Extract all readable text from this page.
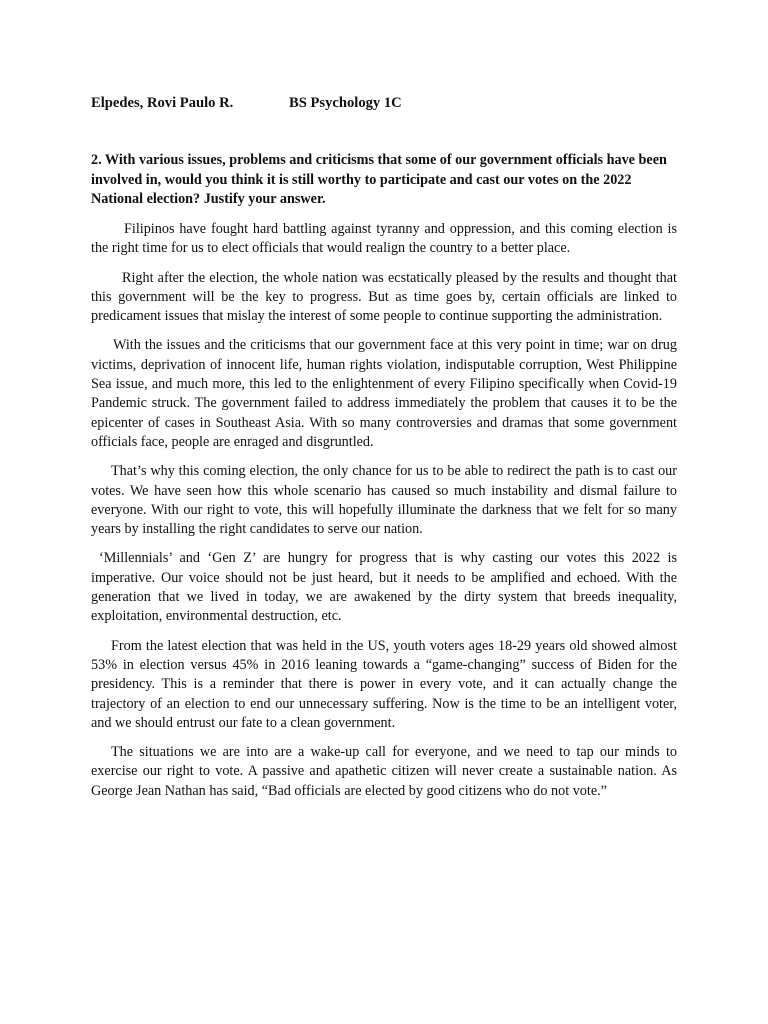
Elpedes, Rovi Paulo R.	BS Psychology 1C
2. With various issues, problems and criticisms that some of our government officials have been involved in, would you think it is still worthy to participate and cast our votes on the 2022 National election? Justify your answer.

Filipinos have fought hard battling against tyranny and oppression, and this coming election is the right time for us to elect officials that would realign the country to a better place.

Right after the election, the whole nation was ecstatically pleased by the results and thought that this government will be the key to progress. But as time goes by, certain officials are linked to predicament issues that mislay the interest of some people to continue supporting the administration.

With the issues and the criticisms that our government face at this very point in time; war on drug victims, deprivation of innocent life, human rights violation, indisputable corruption, West Philippine Sea issue, and much more, this led to the enlightenment of every Filipino specifically when Covid-19 Pandemic struck. The government failed to address immediately the problem that causes it to be the epicenter of cases in Southeast Asia. With so many controversies and dramas that some government officials face, people are enraged and disgruntled.

That’s why this coming election, the only chance for us to be able to redirect the path is to cast our votes. We have seen how this whole scenario has caused so much instability and dismal failure to everyone. With our right to vote, this will hopefully illuminate the darkness that we felt for so many years by installing the right candidates to serve our nation.

‘Millennials’ and ‘Gen Z’ are hungry for progress that is why casting our votes this 2022 is imperative. Our voice should not be just heard, but it needs to be amplified and echoed. With the generation that we lived in today, we are awakened by the dirty system that breeds inequality, exploitation, environmental destruction, etc.

From the latest election that was held in the US, youth voters ages 18-29 years old showed almost 53% in election versus 45% in 2016 leaning towards a “game-changing” success of Biden for the presidency. This is a reminder that there is power in every vote, and it can actually change the trajectory of an election to end our unnecessary suffering. Now is the time to be an intelligent voter, and we should entrust our fate to a clean government.

The situations we are into are a wake-up call for everyone, and we need to tap our minds to exercise our right to vote. A passive and apathetic citizen will never create a sustainable nation. As George Jean Nathan has said, “Bad officials are elected by good citizens who do not vote.”
